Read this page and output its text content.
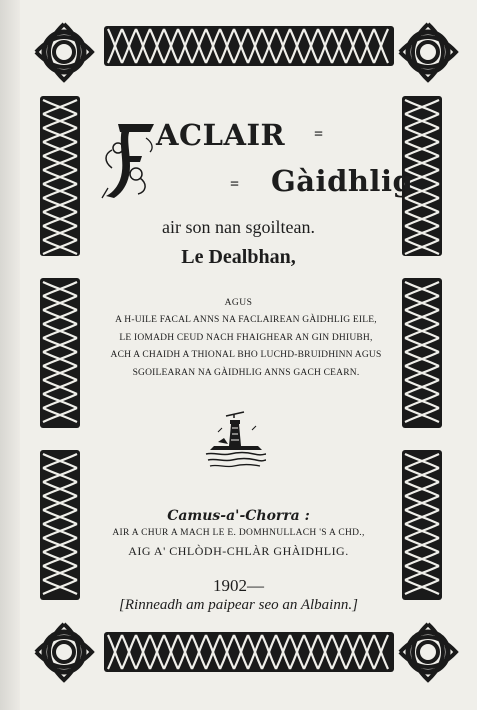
ACLAIR =
= Gàidhlig
air son nan sgoiltean.
Le Dealbhan,
AGUS
A H-UILE FACAL ANNS NA FACLAIREAN GÀIDHLIG EILE,
LE IOMADH CEUD NACH FHAIGHEAR AN GIN DHIUBH,
ACH A CHAIDH A THIONAL BHO LUCHD-BRUIDHINN AGUS
SGOILEARAN NA GÀIDHLIG ANNS GACH CEARN.
Camus-a'-Chorra :
AIR A CHUR A MACH LE E. DOMHNULLACH 'S A CHD.,
AIG A' CHLÒDH-CHLÀR GHÀIDHLIG.
1902—
[Rinneadh am paipear seo an Albainn.]
